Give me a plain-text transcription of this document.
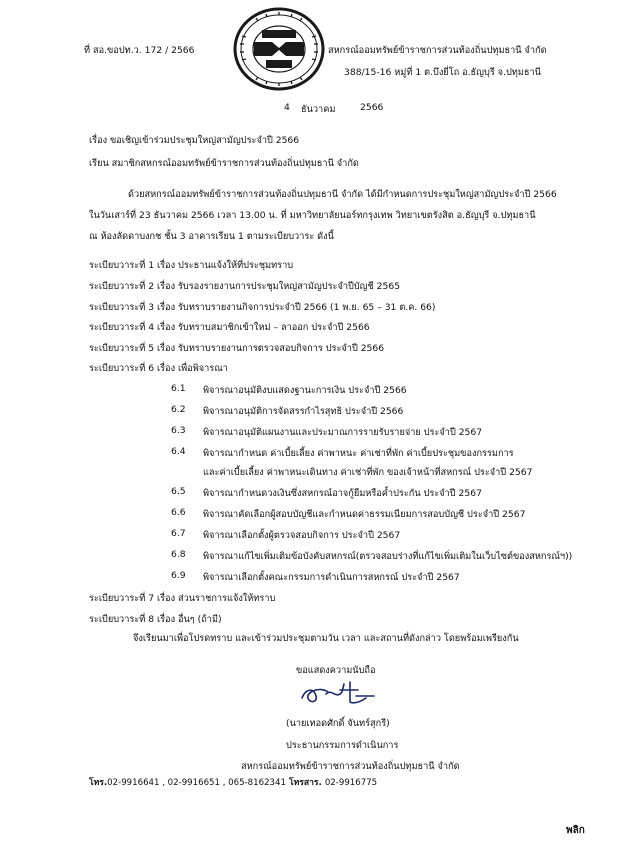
ที่ สอ.ขอปท.ว. 172 / 2566	สหกรณ์ออมทรัพย์ข้าราชการส่วนท้องถิ่นปทุมธานี จำกัด
388/15-16 หมู่ที่ 1 ต.บึงยี่โถ อ.ธัญบุรี จ.ปทุมธานี
4 ธันวาคม	2566
เรื่อง ขอเชิญเข้าร่วมประชุมใหญ่สามัญประจำปี 2566
เรียน สมาชิกสหกรณ์ออมทรัพย์ข้าราชการส่วนท้องถิ่นปทุมธานี จำกัด
ด้วยสหกรณ์ออมทรัพย์ข้าราชการส่วนท้องถิ่นปทุมธานี จำกัด ได้มีกำหนดการประชุมใหญ่สามัญประจำปี 2566
ในวันเสาร์ที่ 23 ธันวาคม 2566 เวลา 13.00 น. ที่ มหาวิทยาลัยนอร์ทกรุงเทพ วิทยาเขตรังสิต อ.ธัญบุรี จ.ปทุมธานี
ณ ห้องลัดดาบงกช ชั้น 3 อาคารเรียน 1 ตามระเบียบวาระ ดังนี้
ระเบียบวาระที่ 1 เรื่อง ประธานแจ้งให้ที่ประชุมทราบ
ระเบียบวาระที่ 2 เรื่อง รับรองรายงานการประชุมใหญ่สามัญประจำปีบัญชี 2565
ระเบียบวาระที่ 3 เรื่อง รับทราบรายงานกิจการประจำปี 2566 (1 พ.ย. 65 – 31 ต.ค. 66)
ระเบียบวาระที่ 4 เรื่อง รับทราบสมาชิกเข้าใหม่ – ลาออก ประจำปี 2566
ระเบียบวาระที่ 5 เรื่อง รับทราบรายงานการตรวจสอบกิจการ ประจำปี 2566
ระเบียบวาระที่ 6 เรื่อง เพื่อพิจารณา
6.1 พิจารณาอนุมัติงบแสดงฐานะการเงิน ประจำปี 2566
6.2 พิจารณาอนุมัติการจัดสรรกำไรสุทธิ ประจำปี 2566
6.3 พิจารณาอนุมัติแผนงานและประมาณการรายรับรายจ่าย ประจำปี 2567
6.4 พิจารณากำหนด ค่าเบี้ยเลี้ยง ค่าพาหนะ ค่าเช่าที่พัก ค่าเบี้ยประชุมของกรรมการ
และค่าเบี้ยเลี้ยง ค่าพาหนะเดินทาง ค่าเช่าที่พัก ของเจ้าหน้าที่สหกรณ์ ประจำปี 2567
6.5 พิจารณากำหนดวงเงินซึ่งสหกรณ์อาจกู้ยืมหรือค้ำประกัน ประจำปี 2567
6.6 พิจารณาคัดเลือกผู้สอบบัญชีและกำหนดค่าธรรมเนียมการสอบบัญชี ประจำปี 2567
6.7 พิจารณาเลือกตั้งผู้ตรวจสอบกิจการ ประจำปี 2567
6.8 พิจารณาแก้ไขเพิ่มเติมข้อบังคับสหกรณ์(ตรวจสอบร่างที่แก้ไขเพิ่มเติมในเว็บไซต์ของสหกรณ์ฯ))
6.9 พิจารณาเลือกตั้งคณะกรรมการดำเนินการสหกรณ์ ประจำปี 2567
ระเบียบวาระที่ 7 เรื่อง ส่วนราชการแจ้งให้ทราบ
ระเบียบวาระที่ 8 เรื่อง อื่นๆ (ถ้ามี)
จึงเรียนมาเพื่อโปรดทราบ และเข้าร่วมประชุมตามวัน เวลา และสถานที่ดังกล่าว โดยพร้อมเพรียงกัน
ขอแสดงความนับถือ
(นายเทอดศักดิ์ จันทร์สุกรี)
ประธานกรรมการดำเนินการ
สหกรณ์ออมทรัพย์ข้าราชการส่วนท้องถิ่นปทุมธานี จำกัด
โทร.02-9916641 , 02-9916651 , 065-8162341 โทรสาร. 02-9916775
พลิก
